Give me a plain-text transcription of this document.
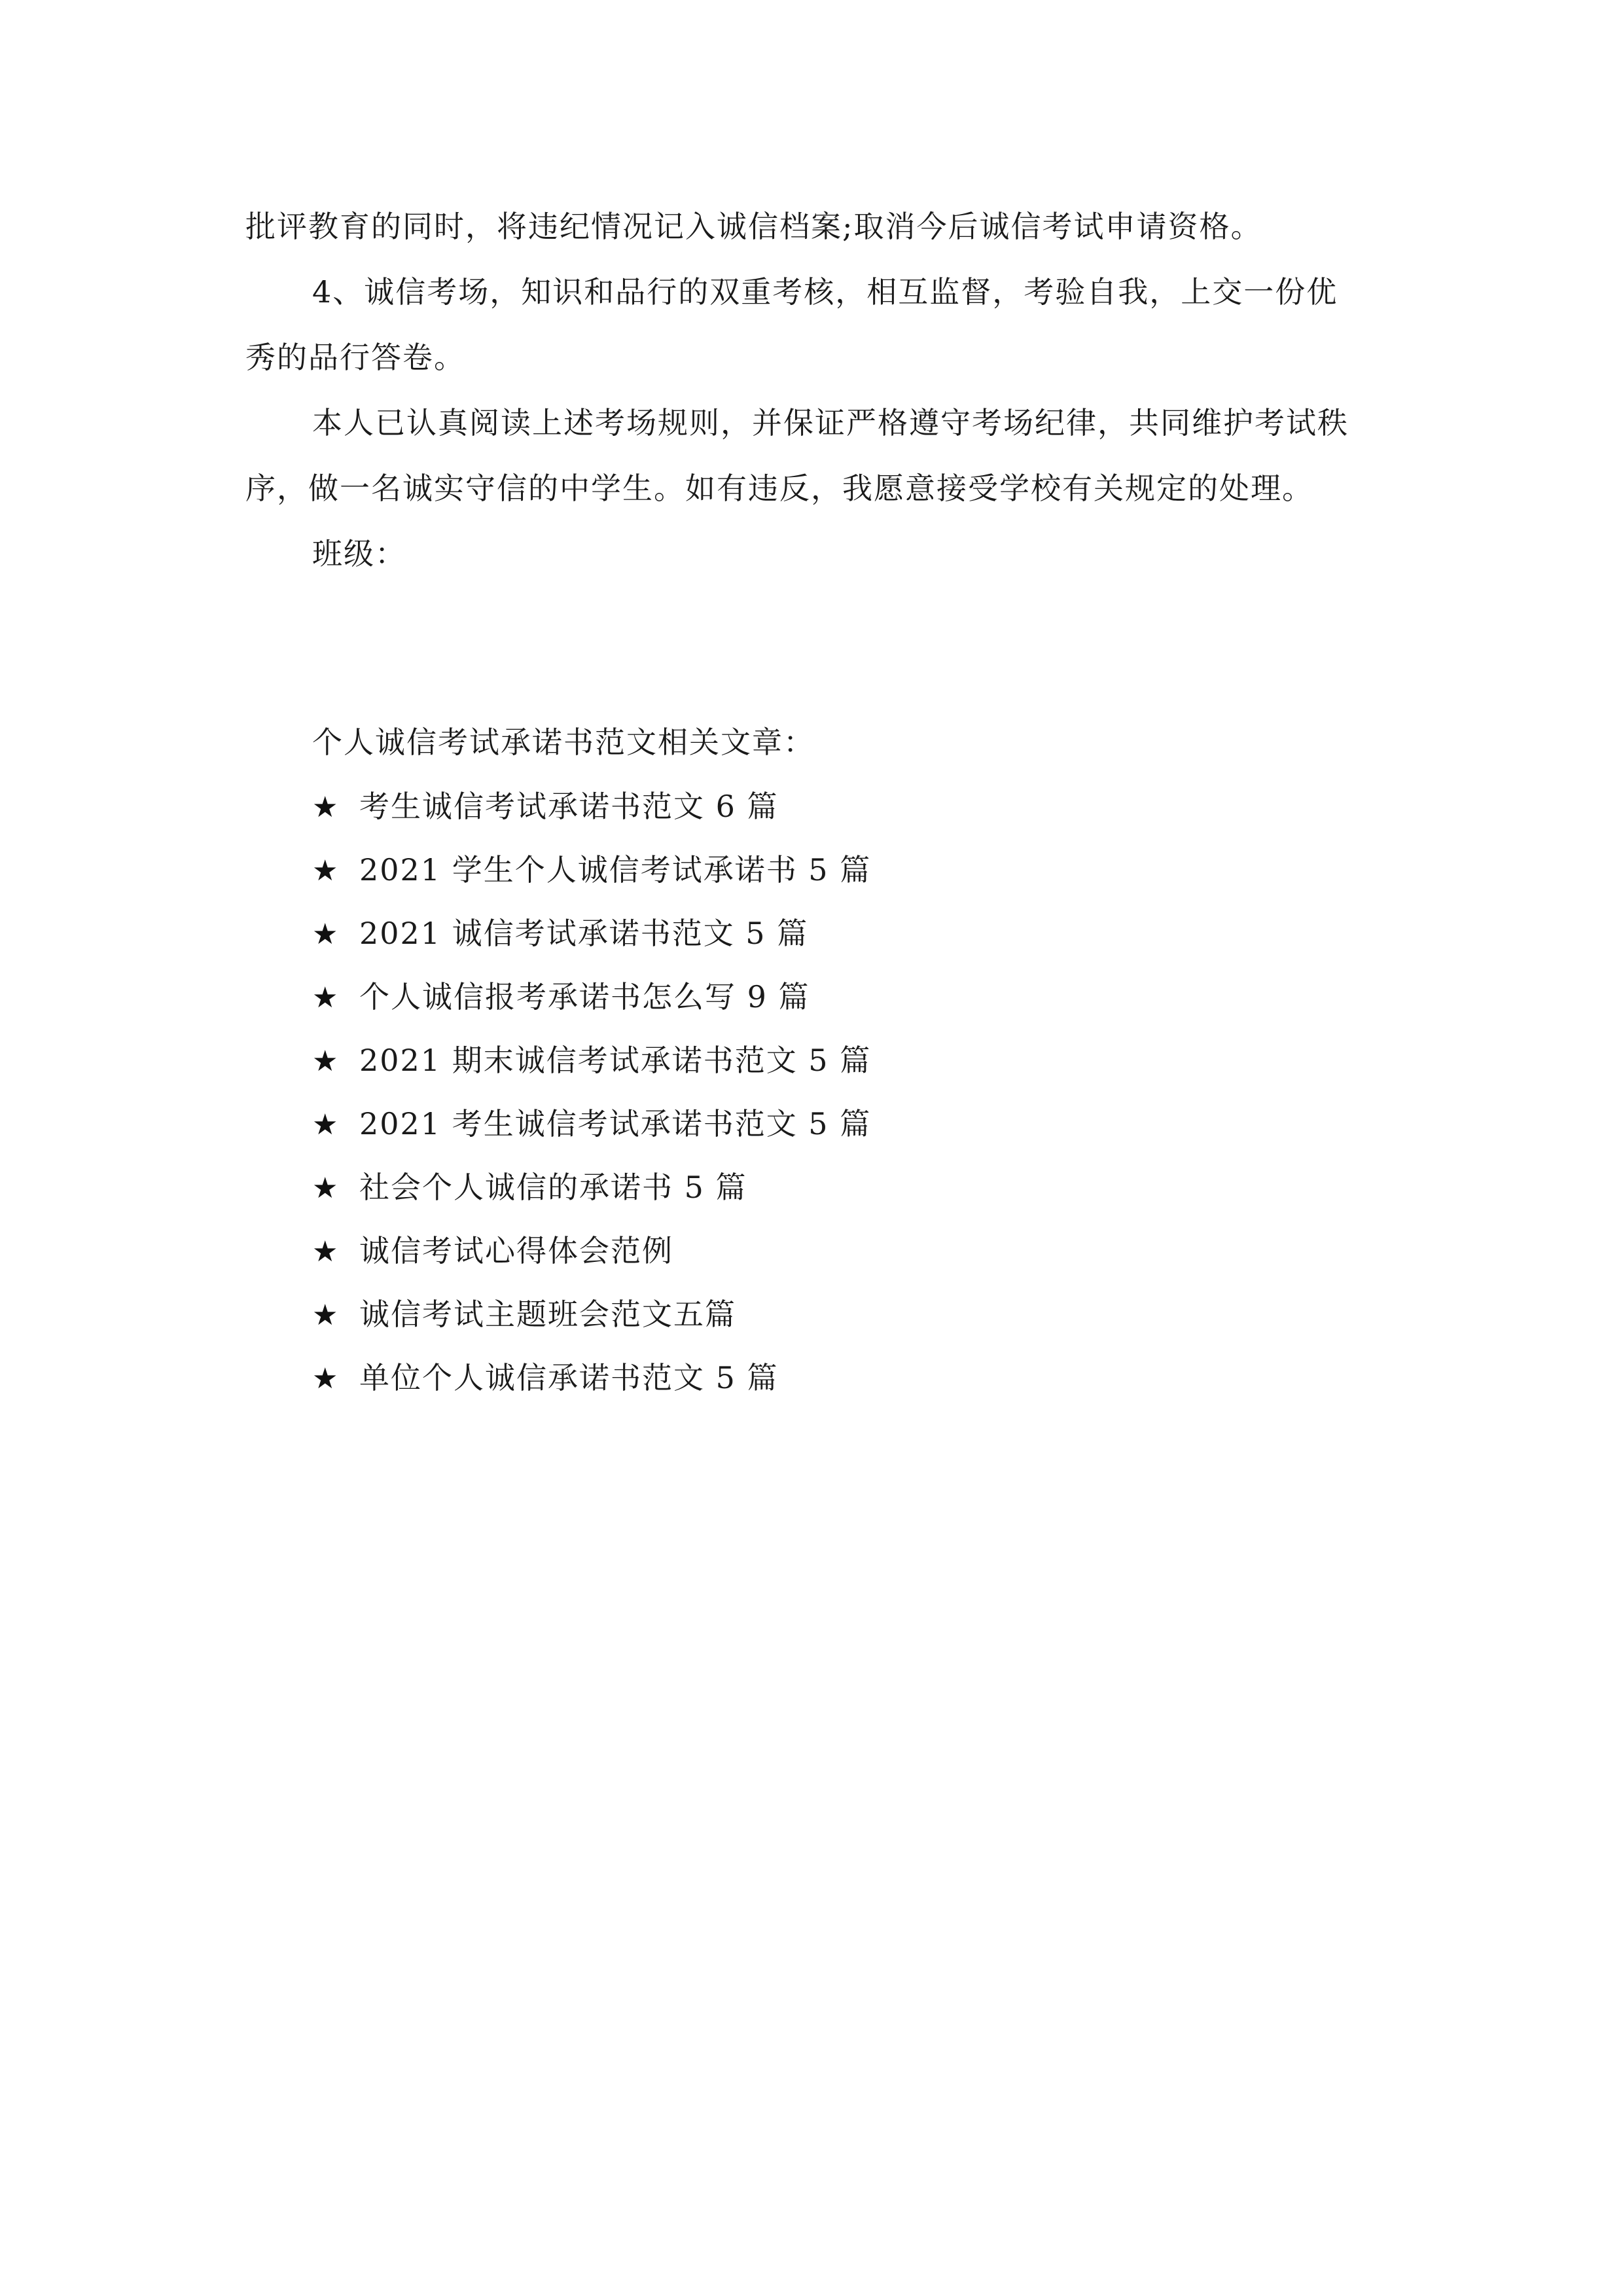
批评教育的同时，将违纪情况记入诚信档案;取消今后诚信考试申请资格。
4、诚信考场，知识和品行的双重考核，相互监督，考验自我，上交一份优
秀的品行答卷。
本人已认真阅读上述考场规则，并保证严格遵守考场纪律，共同维护考试秩
序，做一名诚实守信的中学生。如有违反，我愿意接受学校有关规定的处理。
班级：
个人诚信考试承诺书范文相关文章：
★ 考生诚信考试承诺书范文 6 篇
★ 2021 学生个人诚信考试承诺书 5 篇
★ 2021 诚信考试承诺书范文 5 篇
★ 个人诚信报考承诺书怎么写 9 篇
★ 2021 期末诚信考试承诺书范文 5 篇
★ 2021 考生诚信考试承诺书范文 5 篇
★ 社会个人诚信的承诺书 5 篇
★ 诚信考试心得体会范例
★ 诚信考试主题班会范文五篇
★ 单位个人诚信承诺书范文 5 篇
